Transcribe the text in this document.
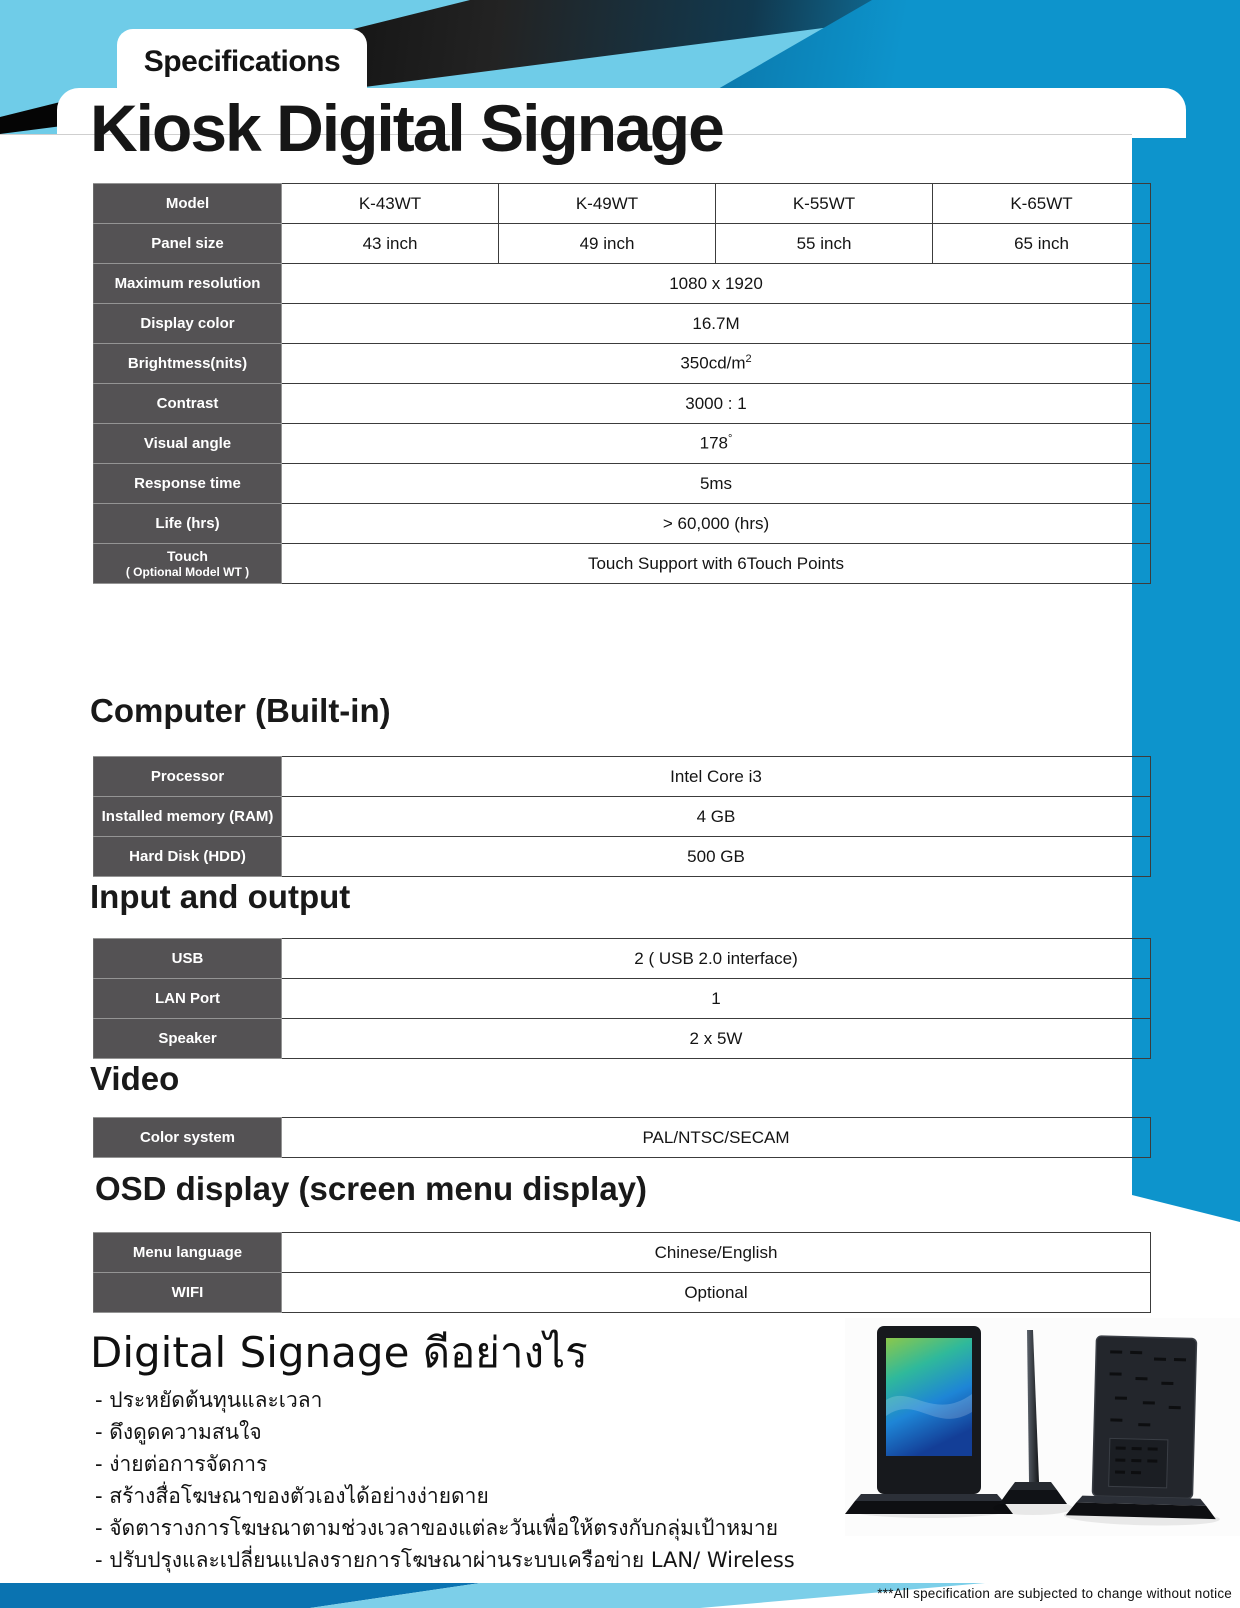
Specifications
Kiosk Digital Signage
Model	K-43WT	K-49WT	K-55WT	K-65WT

Panel size	43 inch	49 inch	55 inch	65 inch

Maximum resolution	1080 x 1920			

Display color	16.7M			

Brightmess(nits)	$350cd/m^2$

Contrast	3000 : 1			

Visual angle	178°

Response time	5ms			

Life (hrs)	> 60,000 (hrs)			

Touch
( Optional Model WT )	Touch Support with 6Touch Points			
Computer (Built-in)
Processor	Intel Core i3

Installed memory (RAM)	4 GB

Hard Disk (HDD)	500 GB
Input and output
USB	2 ( USB 2.0 interface)

LAN Port	1

Speaker	2 x 5W
Video
Color system	PAL/NTSC/SECAM
OSD display (screen menu display)
Menu language	Chinese/English

WIFI	Optional
Digital Signage ดีอย่างไร
- ประหยัดต้นทุนและเวลา
- ดึงดูดความสนใจ
- ง่ายต่อการจัดการ
- สร้างสื่อโฆษณาของตัวเองได้อย่างง่ายดาย
- จัดตารางการโฆษณาตามช่วงเวลาของแต่ละวันเพื่อให้ตรงกับกลุ่มเป้าหมาย
- ปรับปรุงและเปลี่ยนแปลงรายการโฆษณาผ่านระบบเครือข่าย LAN/ Wireless
***All specification are subjected to change without notice
